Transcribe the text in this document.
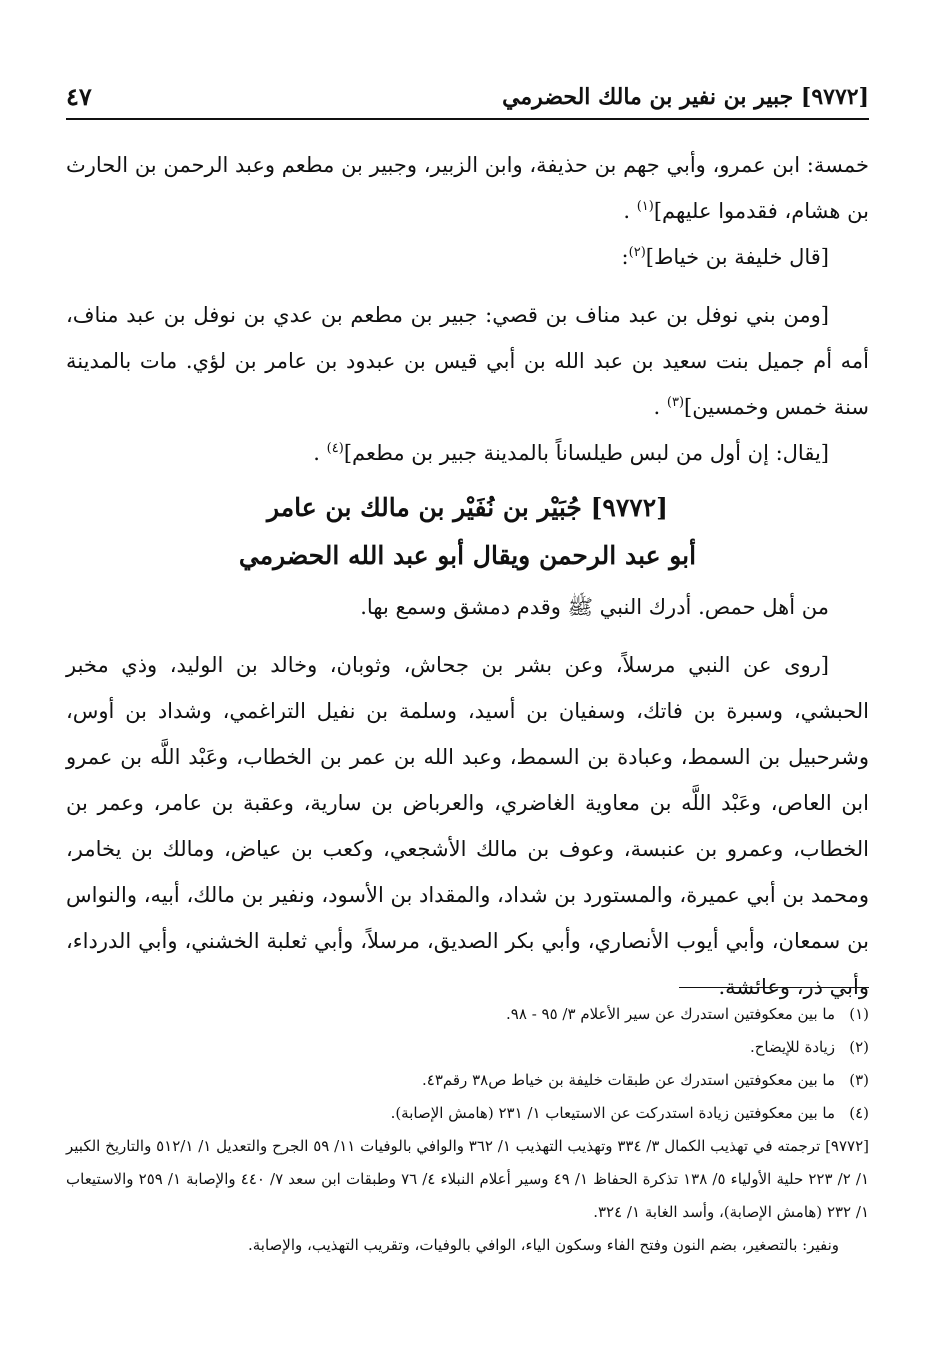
[٩٧٧٢] جبير بن نفير بن مالك الحضرمي
٤٧

خمسة: ابن عمرو، وأبي جهم بن حذيفة، وابن الزبير، وجبير بن مطعم وعبد الرحمن بن الحارث بن هشام، فقدموا عليهم]$^{(١)}$ .

[قال خليفة بن خياط]$^{(٢)}$:

[ومن بني نوفل بن عبد مناف بن قصي: جبير بن مطعم بن عدي بن نوفل بن عبد مناف، أمه أم جميل بنت سعيد بن عبد الله بن أبي قيس بن عبدود بن عامر بن لؤي. مات بالمدينة سنة خمس وخمسين]$^{(٣)}$ .

[يقال: إن أول من لبس طيلساناً بالمدينة جبير بن مطعم]$^{(٤)}$ .

[٩٧٧٢] جُبَيْر بن نُفَيْر بن مالك بن عامر
أبو عبد الرحمن ويقال أبو عبد الله الحضرمي

من أهل حمص. أدرك النبي ﷺ وقدم دمشق وسمع بها.

[روى عن النبي مرسلاً، وعن بشر بن جحاش، وثوبان، وخالد بن الوليد، وذي مخبر الحبشي، وسبرة بن فاتك، وسفيان بن أسيد، وسلمة بن نفيل التراغمي، وشداد بن أوس، وشرحبيل بن السمط، وعبادة بن السمط، وعبد الله بن عمر بن الخطاب، وعَبْد اللَّه بن عمرو ابن العاص، وعَبْد اللَّه بن معاوية الغاضري، والعرباض بن سارية، وعقبة بن عامر، وعمر بن الخطاب، وعمرو بن عنبسة، وعوف بن مالك الأشجعي، وكعب بن عياض، ومالك بن يخامر، ومحمد بن أبي عميرة، والمستورد بن شداد، والمقداد بن الأسود، ونفير بن مالك، أبيه، والنواس بن سمعان، وأبي أيوب الأنصاري، وأبي بكر الصديق، مرسلاً، وأبي ثعلبة الخشني، وأبي الدرداء، وأبي ذر، وعائشة.

(١)ما بين معكوفتين استدرك عن سير الأعلام ٣/ ٩٥ - ٩٨.

(٢)زيادة للإيضاح.

(٣)ما بين معكوفتين استدرك عن طبقات خليفة بن خياط ص٣٨ رقم٤٣.

(٤)ما بين معكوفتين زيادة استدركت عن الاستيعاب ١/ ٢٣١ (هامش الإصابة).

[٩٧٧٢] ترجمته في تهذيب الكمال ٣/ ٣٣٤ وتهذيب التهذيب ١/ ٣٦٢ والوافي بالوفيات ١١/ ٥٩ الجرح والتعديل ١/ ٥١٢/١ والتاريخ الكبير ١/ ٢/ ٢٢٣ حلية الأولياء ٥/ ١٣٨ تذكرة الحفاظ ١/ ٤٩ وسير أعلام النبلاء ٤/ ٧٦ وطبقات ابن سعد ٧/ ٤٤٠ والإصابة ١/ ٢٥٩ والاستيعاب ١/ ٢٣٢ (هامش الإصابة)، وأسد الغابة ١/ ٣٢٤.

ونفير: بالتصغير، بضم النون وفتح الفاء وسكون الياء، الوافي بالوفيات، وتقريب التهذيب، والإصابة.
